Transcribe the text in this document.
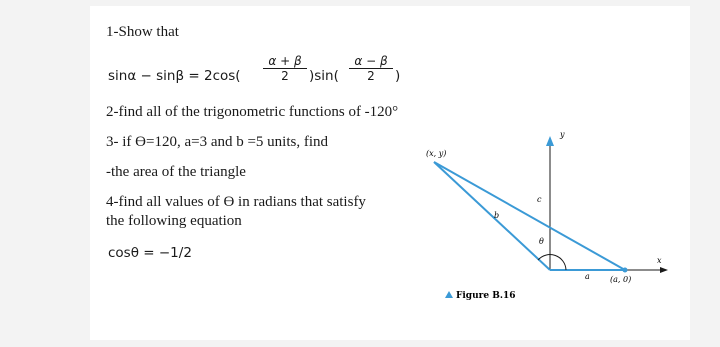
1-Show that
sinα − sinβ = 2cos(
α + β
2	)sin(
α − β
2	)
2-find all of the trigonometric functions of -120°
3- if ϴ=120, a=3 and b =5 units, find
-the area of the triangle
4-find all values of ϴ in radians that satisfy
the following equation
cosθ = −1/2
(x, y)
y
x
c
b
θ
a	(a, 0)
Figure B.16
